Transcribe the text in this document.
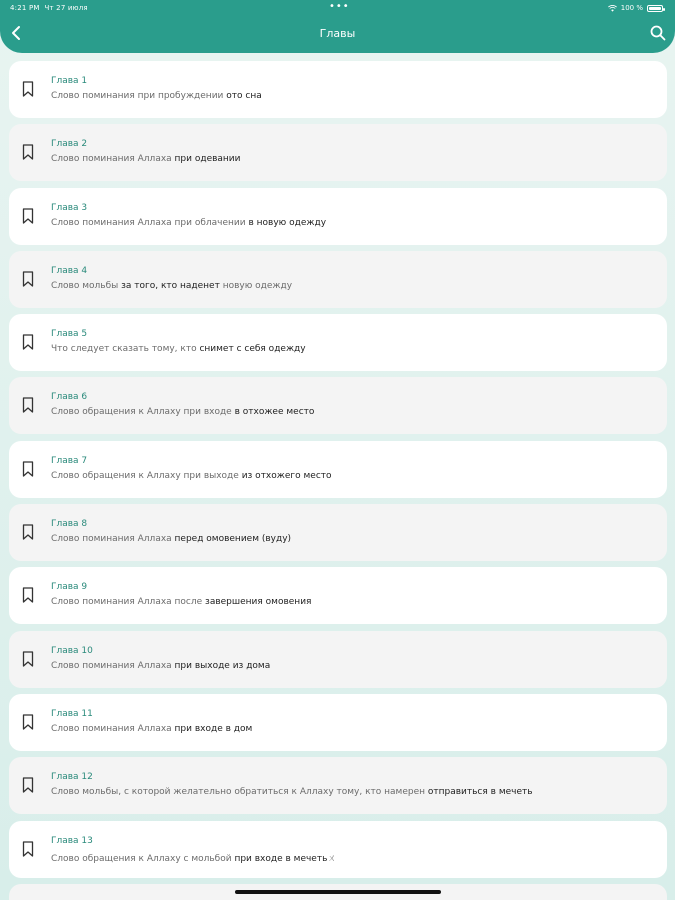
4:21 PM Чт 27 июля	•••	100 %
Главы
Глава 1
Слово поминания при пробуждении ото сна
Глава 2
Слово поминания Аллаха при одевании
Глава 3
Слово поминания Аллаха при облачении в новую одежду
Глава 4
Слово мольбы за того, кто наденет новую одежду
Глава 5
Что следует сказать тому, кто снимет с себя одежду
Глава 6
Слово обращения к Аллаху при входе в отхожее место
Глава 7
Слово обращения к Аллаху при выходе из отхожего место
Глава 8
Слово поминания Аллаха перед омовением (вуду)
Глава 9
Слово поминания Аллаха после завершения омовения
Глава 10
Слово поминания Аллаха при выходе из дома
Глава 11
Слово поминания Аллаха при входе в дом
Глава 12
Слово мольбы, с которой желательно обратиться к Аллаху тому, кто намерен отправиться в мечеть
Глава 13
Слово обращения к Аллаху с мольбой при входе в мечетьㄨ
